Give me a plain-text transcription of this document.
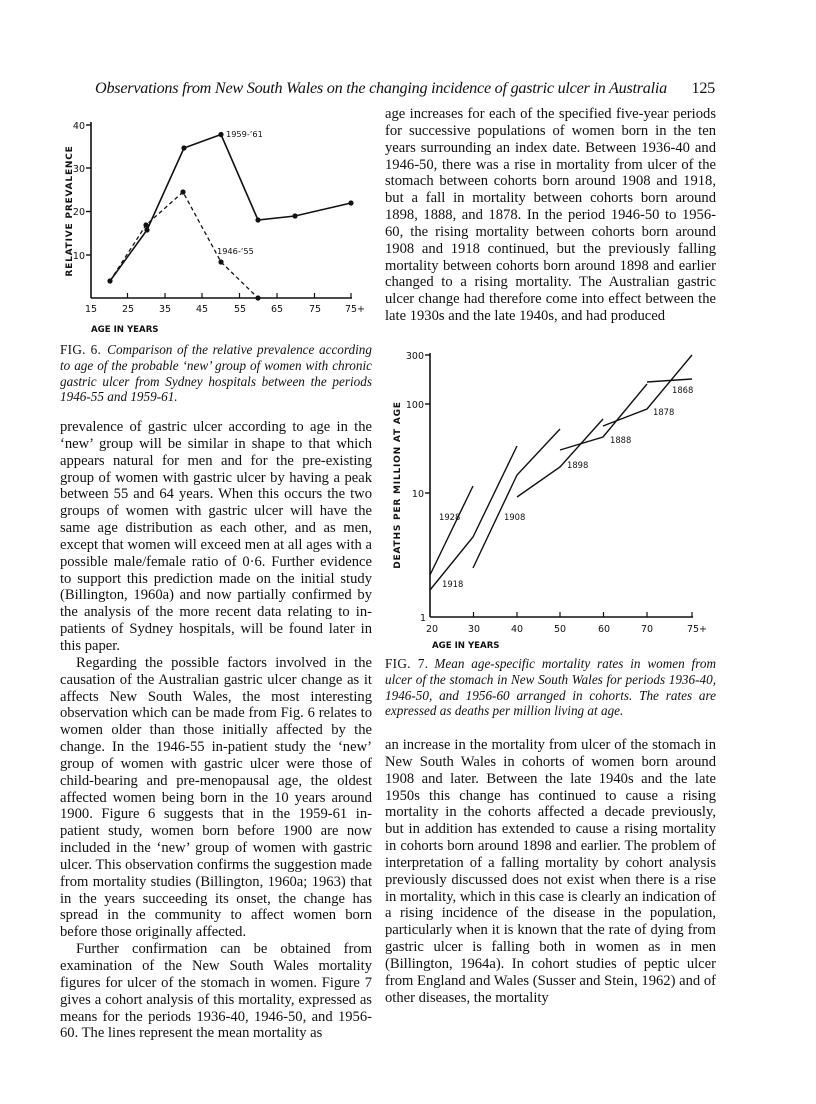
Observations from New South Wales on the changing incidence of gastric ulcer in Australia 125
40
30
20
10
RELATIVE PREVALENCE
15	25	35	45	55	65	75	75+
AGE IN YEARS
1959-’61
1946-’55
FIG. 6. Comparison of the relative prevalence according to age of the probable ‘new’ group of women with chronic gastric ulcer from Sydney hospitals between the periods 1946-55 and 1959-61.

prevalence of gastric ulcer according to age in the ‘new’ group will be similar in shape to that which appears natural for men and for the pre-existing group of women with gastric ulcer by having a peak between 55 and 64 years. When this occurs the two groups of women with gastric ulcer will have the same age distribution as each other, and as men, except that women will exceed men at all ages with a possible male/female ratio of 0·6. Further evidence to support this prediction made on the initial study (Billington, 1960a) and now partially confirmed by the analysis of the more recent data relating to in-patients of Sydney hospitals, will be found later in this paper.

Regarding the possible factors involved in the causation of the Australian gastric ulcer change as it affects New South Wales, the most interesting observation which can be made from Fig. 6 relates to women older than those initially affected by the change. In the 1946-55 in-patient study the ‘new’ group of women with gastric ulcer were those of child-bearing and pre-menopausal age, the oldest affected women being born in the 10 years around 1900. Figure 6 suggests that in the 1959-61 in-patient study, women born before 1900 are now included in the ‘new’ group of women with gastric ulcer. This observation confirms the suggestion made from mortality studies (Billington, 1960a; 1963) that in the years succeeding its onset, the change has spread in the community to affect women born before those originally affected.

Further confirmation can be obtained from examination of the New South Wales mortality figures for ulcer of the stomach in women. Figure 7 gives a cohort analysis of this mortality, expressed as means for the periods 1936-40, 1946-50, and 1956-60. The lines represent the mean mortality as

age increases for each of the specified five-year periods for successive populations of women born in the ten years surrounding an index date. Between 1936-40 and 1946-50, there was a rise in mortality from ulcer of the stomach between cohorts born around 1908 and 1918, but a fall in mortality between cohorts born around 1898, 1888, and 1878. In the period 1946-50 to 1956-60, the rising mortality between cohorts born around 1908 and 1918 continued, but the previously falling mortality between cohorts born around 1898 and earlier changed to a rising mortality. The Australian gastric ulcer change had therefore come into effect between the late 1930s and the late 1940s, and had produced

300
100
10
1
DEATHS PER MILLION AT AGE
20	30	40	50	60	70	75+
AGE IN YEARS
1928
1918
1908
1898
1888
1878
1868
FIG. 7. Mean age-specific mortality rates in women from ulcer of the stomach in New South Wales for periods 1936-40, 1946-50, and 1956-60 arranged in cohorts. The rates are expressed as deaths per million living at age.

an increase in the mortality from ulcer of the stomach in New South Wales in cohorts of women born around 1908 and later. Between the late 1940s and the late 1950s this change has continued to cause a rising mortality in the cohorts affected a decade previously, but in addition has extended to cause a rising mortality in cohorts born around 1898 and earlier. The problem of interpretation of a falling mortality by cohort analysis previously discussed does not exist when there is a rise in mortality, which in this case is clearly an indication of a rising incidence of the disease in the population, particularly when it is known that the rate of dying from gastric ulcer is falling both in women as in men (Billington, 1964a). In cohort studies of peptic ulcer from England and Wales (Susser and Stein, 1962) and of other diseases, the mortality
